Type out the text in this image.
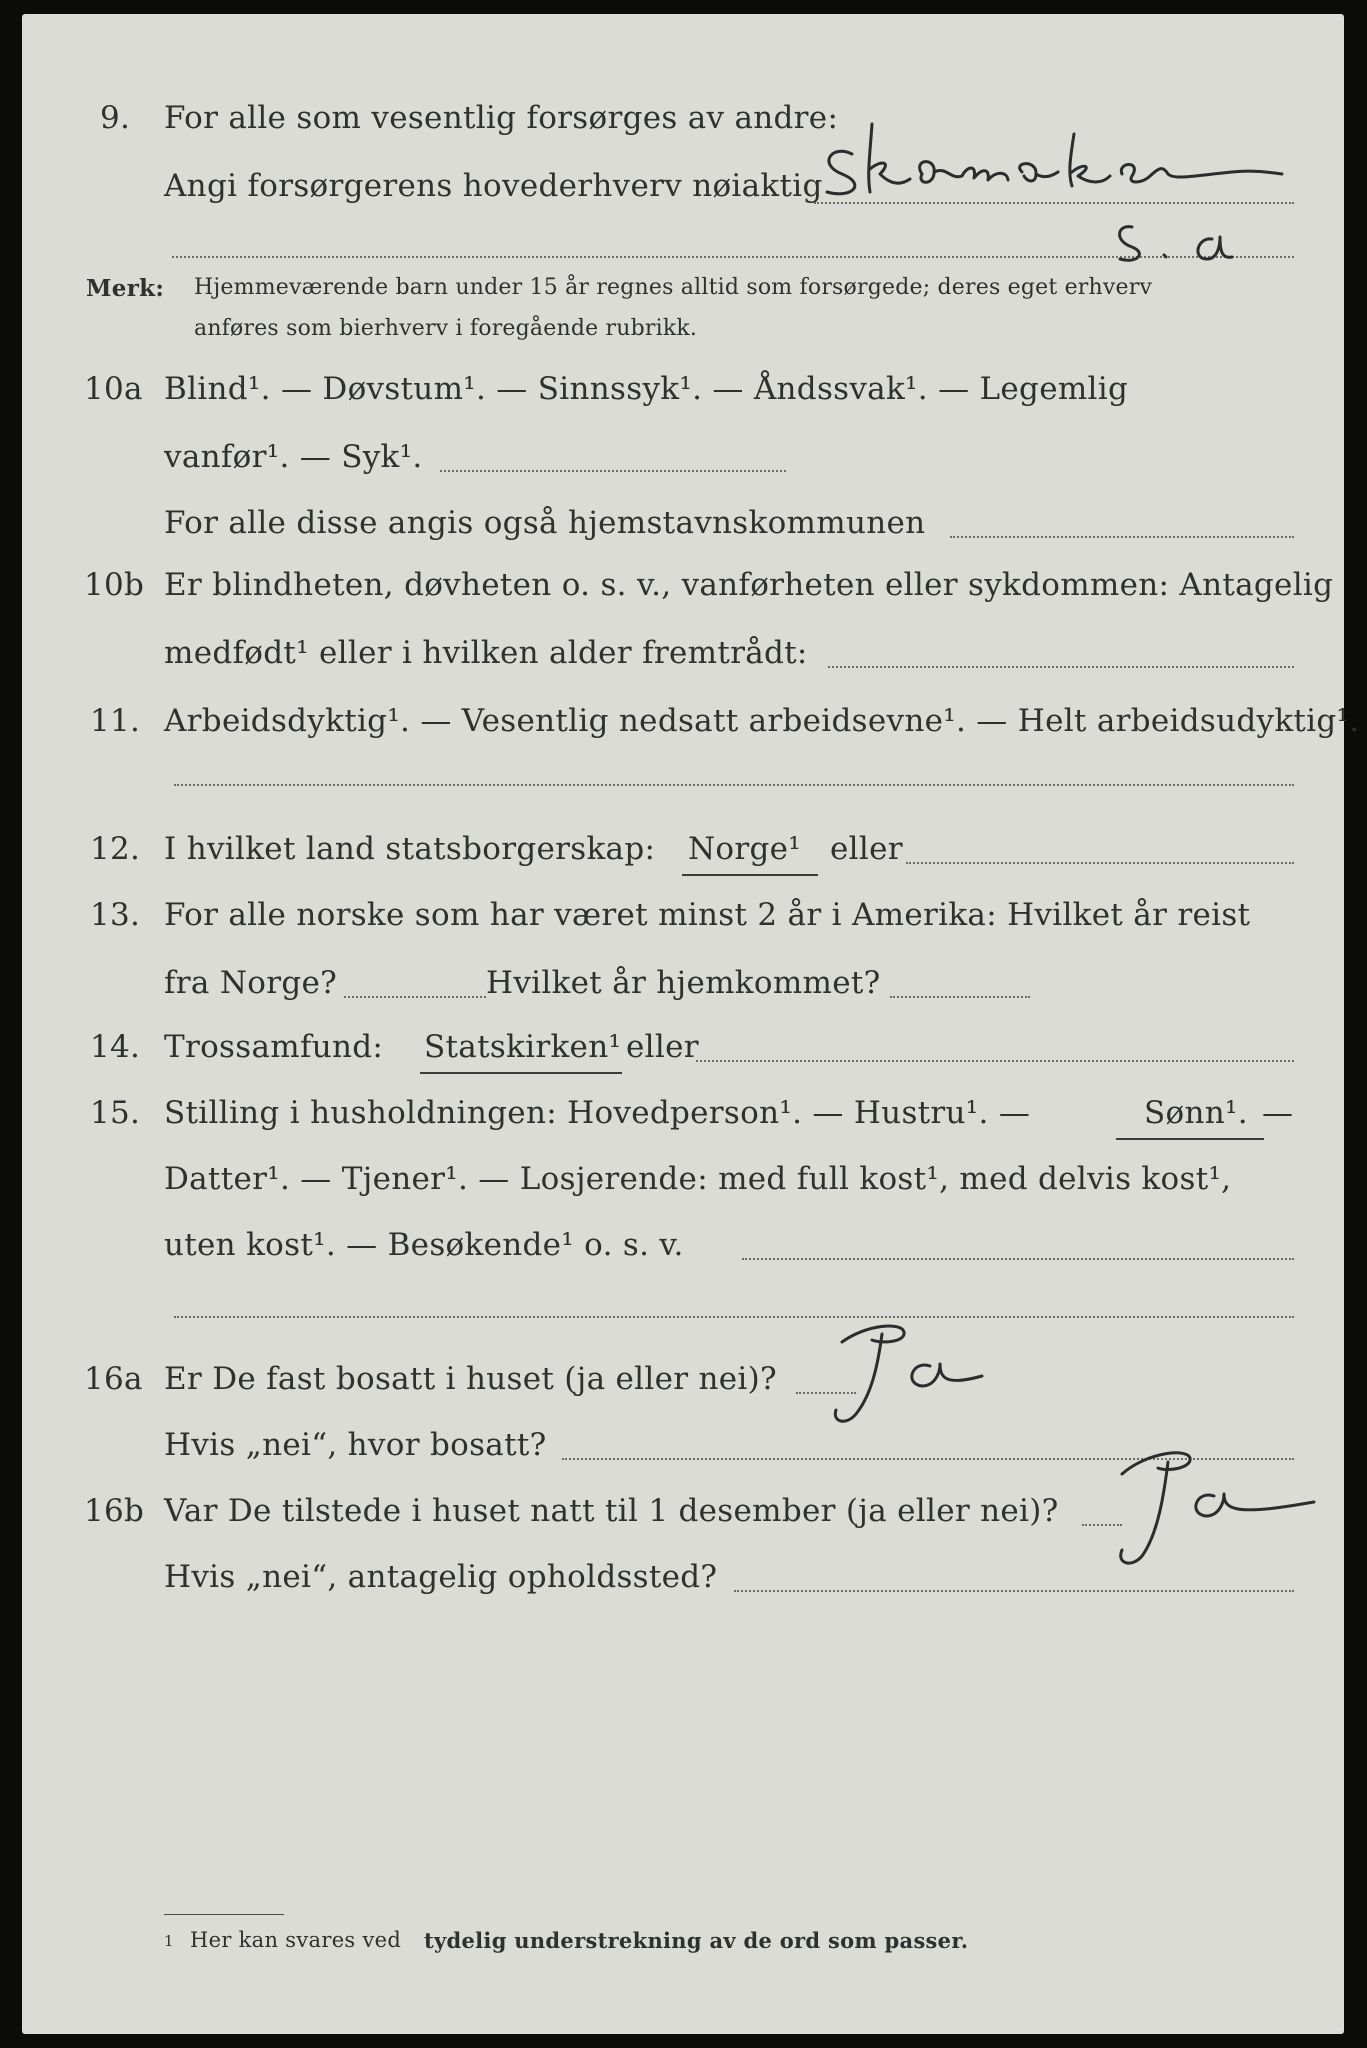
9. For alle som vesentlig forsørges av andre:
Angi forsørgerens hovederhverv nøiaktig
Merk: Hjemmeværende barn under 15 år regnes alltid som forsørgede; deres eget erhverv
anføres som bierhverv i foregående rubrikk.
10a Blind¹. — Døvstum¹. — Sinnssyk¹. — Åndssvak¹. — Legemlig
vanfør¹. — Syk¹.
For alle disse angis også hjemstavnskommunen
10b Er blindheten, døvheten o. s. v., vanførheten eller sykdommen: Antagelig
medfødt¹ eller i hvilken alder fremtrådt:
11. Arbeidsdyktig¹. — Vesentlig nedsatt arbeidsevne¹. — Helt arbeidsudyktig¹.
12. I hvilket land statsborgerskap: Norge¹ eller
13. For alle norske som har været minst 2 år i Amerika: Hvilket år reist
fra Norge?	Hvilket år hjemkommet?
14. Trossamfund: Statskirken¹ eller
15. Stilling i husholdningen: Hovedperson¹. — Hustru¹. —	Sønn¹. —
Datter¹. — Tjener¹. — Losjerende: med full kost¹, med delvis kost¹,
uten kost¹. — Besøkende¹ o. s. v.
16a Er De fast bosatt i huset (ja eller nei)?
Hvis „nei“, hvor bosatt?
16b Var De tilstede i huset natt til 1 desember (ja eller nei)?
Hvis „nei“, antagelig opholdssted?
1 Her kan svares ved tydelig understrekning av de ord som passer.
